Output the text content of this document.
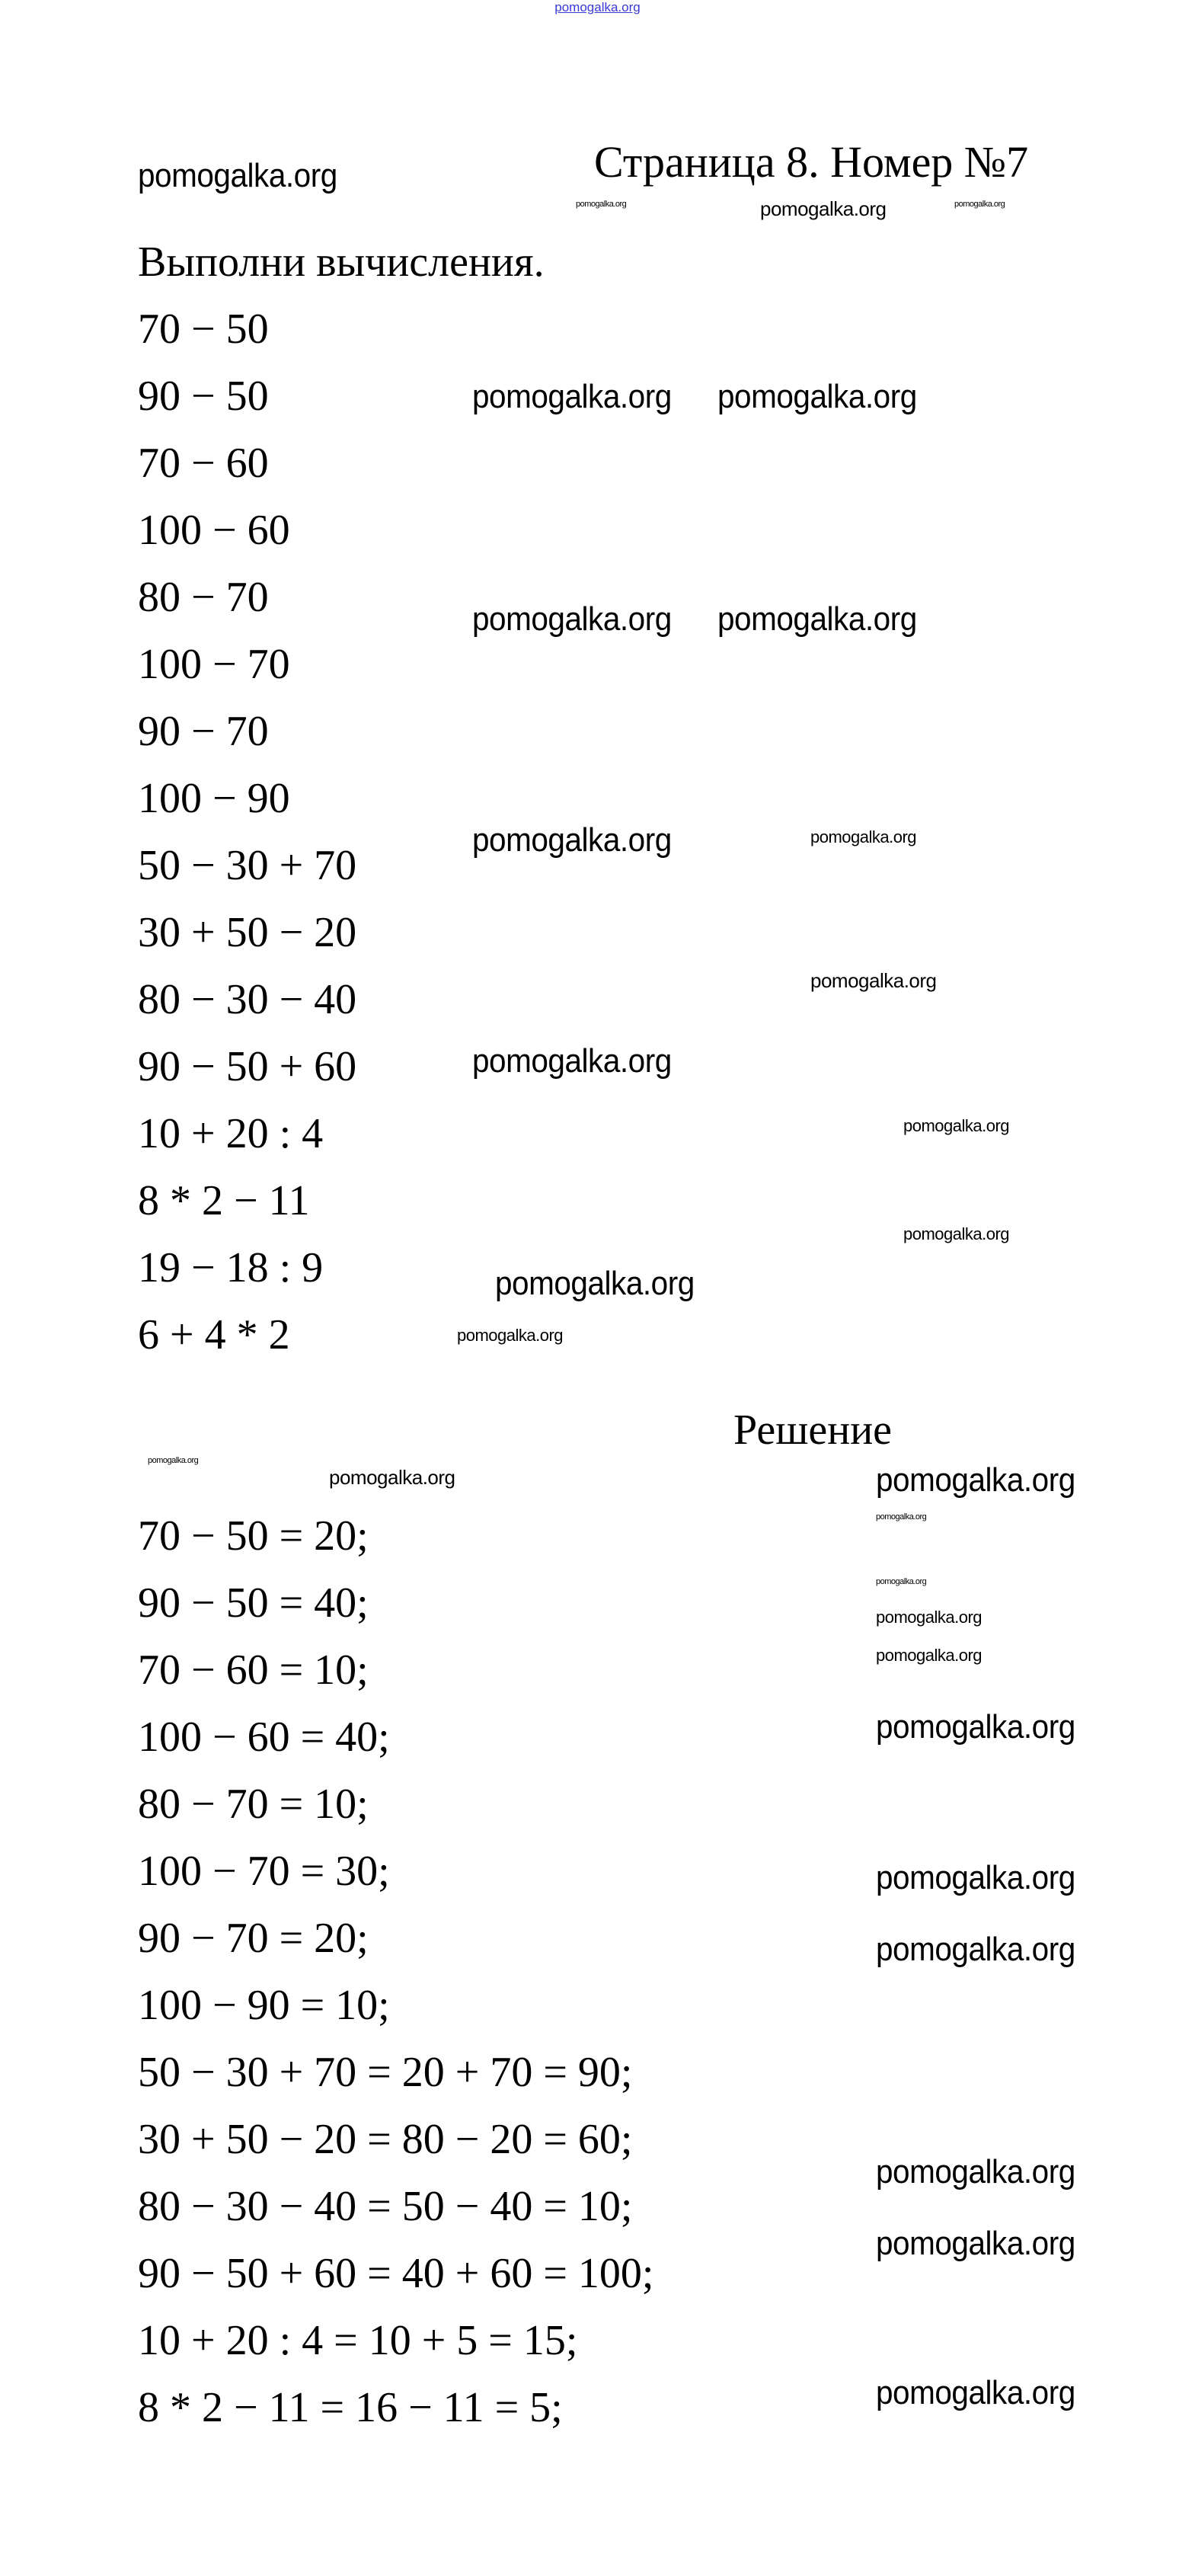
pomogalka.org
Страница 8. Номер №7
Выполни вычисления.
70 − 50
90 − 50
70 − 60
100 − 60
80 − 70
100 − 70
90 − 70
100 − 90
50 − 30 + 70
30 + 50 − 20
80 − 30 − 40
90 − 50 + 60
10 + 20 : 4
8 * 2 − 11
19 − 18 : 9
6 + 4 * 2
Решение
70 − 50 = 20;
90 − 50 = 40;
70 − 60 = 10;
100 − 60 = 40;
80 − 70 = 10;
100 − 70 = 30;
90 − 70 = 20;
100 − 90 = 10;
50 − 30 + 70 = 20 + 70 = 90;
30 + 50 − 20 = 80 − 20 = 60;
80 − 30 − 40 = 50 − 40 = 10;
90 − 50 + 60 = 40 + 60 = 100;
10 + 20 : 4 = 10 + 5 = 15;
8 * 2 − 11 = 16 − 11 = 5;
pomogalka.org
pomogalka.org	pomogalka.org	pomogalka.org
pomogalka.org pomogalka.org
pomogalka.org pomogalka.org
pomogalka.org	pomogalka.org
pomogalka.org
pomogalka.org
pomogalka.org
pomogalka.org
pomogalka.org
pomogalka.org
pomogalka.org
pomogalka.org
pomogalka.org
pomogalka.org	pomogalka.org
pomogalka.org
pomogalka.org
pomogalka.org
pomogalka.org
pomogalka.org
pomogalka.org
pomogalka.org
pomogalka.org
